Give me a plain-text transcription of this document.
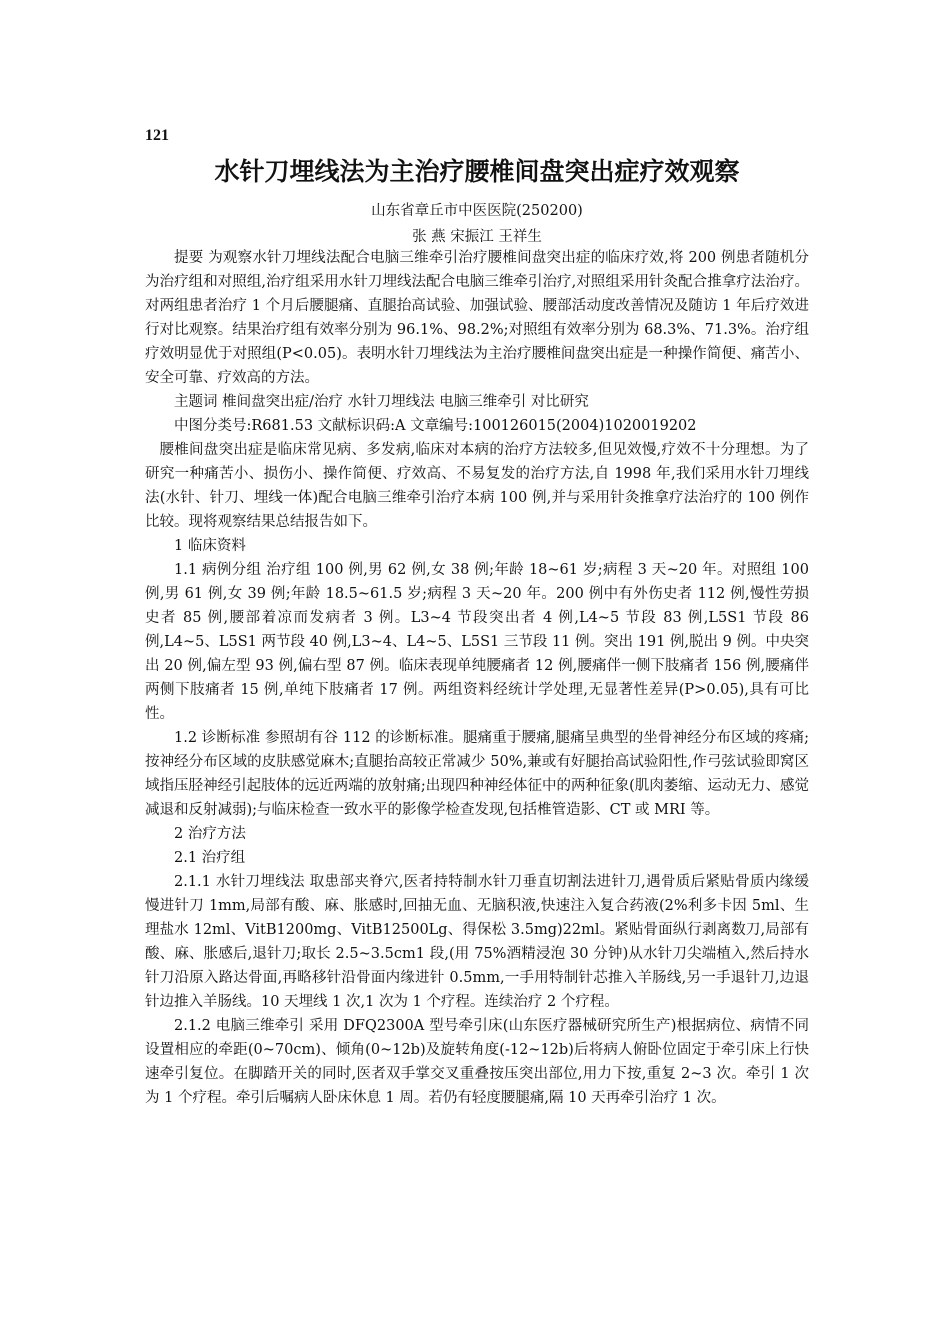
121
水针刀埋线法为主治疗腰椎间盘突出症疗效观察
山东省章丘市中医医院(250200)
张 燕 宋振江 王祥生

提要 为观察水针刀埋线法配合电脑三维牵引治疗腰椎间盘突出症的临床疗效,将 200 例患者随机分为治疗组和对照组,治疗组采用水针刀埋线法配合电脑三维牵引治疗,对照组采用针灸配合推拿疗法治疗。对两组患者治疗 1 个月后腰腿痛、直腿抬高试验、加强试验、腰部活动度改善情况及随访 1 年后疗效进行对比观察。结果治疗组有效率分别为 96.1%、98.2%;对照组有效率分别为 68.3%、71.3%。治疗组疗效明显优于对照组(P<0.05)。表明水针刀埋线法为主治疗腰椎间盘突出症是一种操作简便、痛苦小、安全可靠、疗效高的方法。

主题词 椎间盘突出症/治疗 水针刀埋线法 电脑三维牵引 对比研究

中图分类号:R681.53 文献标识码:A 文章编号:100126015(2004)1020019202

腰椎间盘突出症是临床常见病、多发病,临床对本病的治疗方法较多,但见效慢,疗效不十分理想。为了研究一种痛苦小、损伤小、操作简便、疗效高、不易复发的治疗方法,自 1998 年,我们采用水针刀埋线法(水针、针刀、埋线一体)配合电脑三维牵引治疗本病 100 例,并与采用针灸推拿疗法治疗的 100 例作比较。现将观察结果总结报告如下。

1 临床资料

1.1 病例分组 治疗组 100 例,男 62 例,女 38 例;年龄 18~61 岁;病程 3 天~20 年。对照组 100 例,男 61 例,女 39 例;年龄 18.5~61.5 岁;病程 3 天~20 年。200 例中有外伤史者 112 例,慢性劳损史者 85 例,腰部着凉而发病者 3 例。L3~4 节段突出者 4 例,L4~5 节段 83 例,L5S1 节段 86 例,L4~5、L5S1 两节段 40 例,L3~4、L4~5、L5S1 三节段 11 例。突出 191 例,脱出 9 例。中央突出 20 例,偏左型 93 例,偏右型 87 例。临床表现单纯腰痛者 12 例,腰痛伴一侧下肢痛者 156 例,腰痛伴两侧下肢痛者 15 例,单纯下肢痛者 17 例。两组资料经统计学处理,无显著性差异(P>0.05),具有可比性。

1.2 诊断标准 参照胡有谷 112 的诊断标准。腿痛重于腰痛,腿痛呈典型的坐骨神经分布区域的疼痛;按神经分布区域的皮肤感觉麻木;直腿抬高较正常减少 50%,兼或有好腿抬高试验阳性,作弓弦试验即窝区域指压胫神经引起肢体的远近两端的放射痛;出现四种神经体征中的两种征象(肌肉萎缩、运动无力、感觉减退和反射减弱);与临床检查一致水平的影像学检查发现,包括椎管造影、CT 或 MRI 等。

2 治疗方法

2.1 治疗组

2.1.1 水针刀埋线法 取患部夹脊穴,医者持特制水针刀垂直切割法进针刀,遇骨质后紧贴骨质内缘缓慢进针刀 1mm,局部有酸、麻、胀感时,回抽无血、无脑积液,快速注入复合药液(2%利多卡因 5ml、生理盐水 12ml、VitB1200mg、VitB12500Lg、得保松 3.5mg)22ml。紧贴骨面纵行剥离数刀,局部有酸、麻、胀感后,退针刀;取长 2.5~3.5cm1 段,(用 75%酒精浸泡 30 分钟)从水针刀尖端植入,然后持水针刀沿原入路达骨面,再略移针沿骨面内缘进针 0.5mm,一手用特制针芯推入羊肠线,另一手退针刀,边退针边推入羊肠线。10 天埋线 1 次,1 次为 1 个疗程。连续治疗 2 个疗程。

2.1.2 电脑三维牵引 采用 DFQ2300A 型号牵引床(山东医疗器械研究所生产)根据病位、病情不同设置相应的牵距(0~70cm)、倾角(0~12b)及旋转角度(-12~12b)后将病人俯卧位固定于牵引床上行快速牵引复位。在脚踏开关的同时,医者双手掌交叉重叠按压突出部位,用力下按,重复 2~3 次。牵引 1 次为 1 个疗程。牵引后嘱病人卧床休息 1 周。若仍有轻度腰腿痛,隔 10 天再牵引治疗 1 次。
